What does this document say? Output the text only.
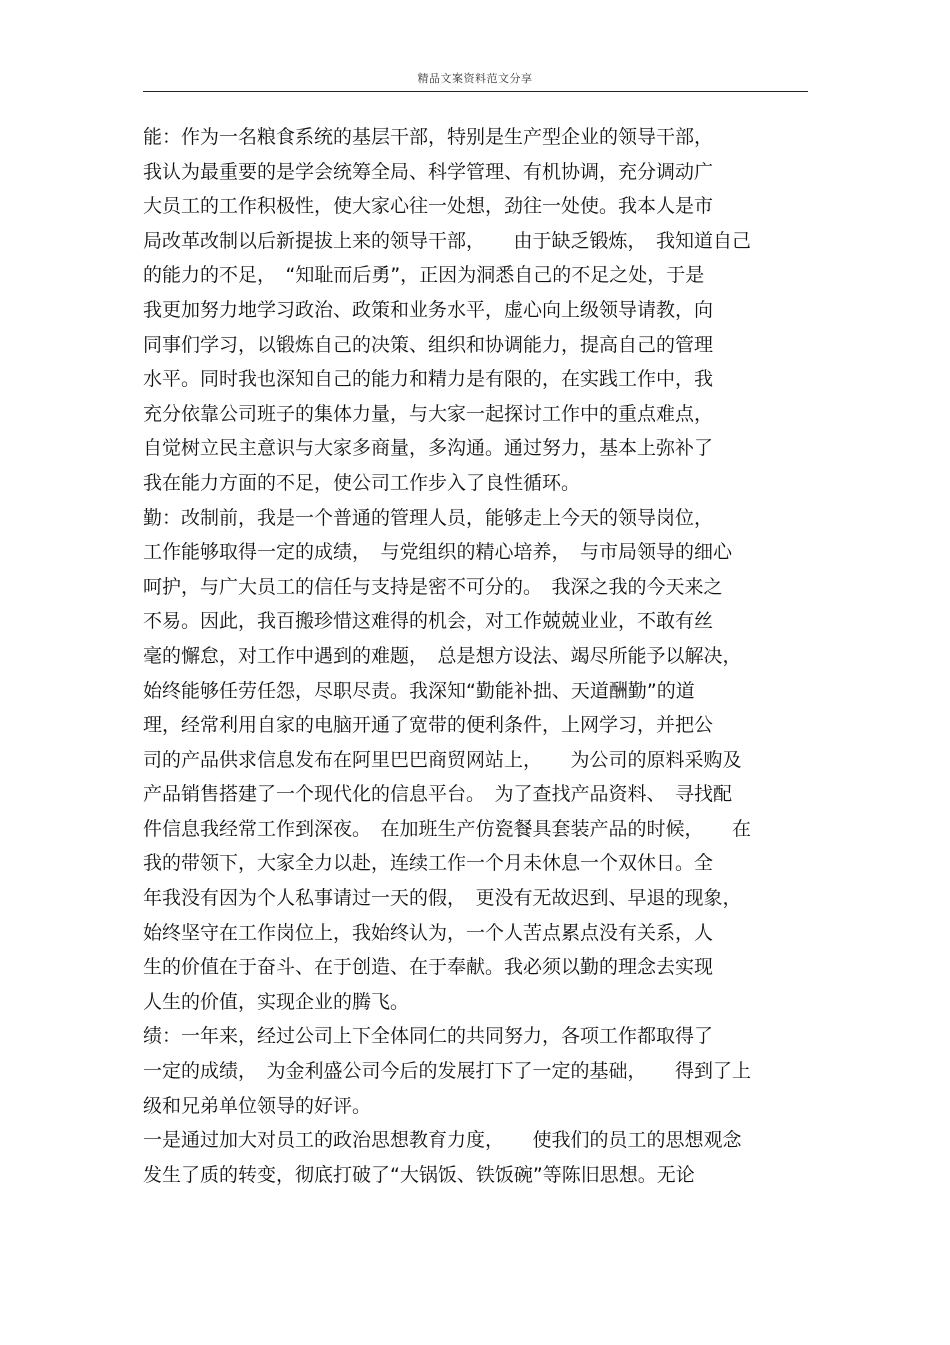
精品文案资料范文分享
能：作为一名粮食系统的基层干部，特别是生产型企业的领导干部，
我认为最重要的是学会统筹全局、科学管理、有机协调，充分调动广
大员工的工作积极性，使大家心往一处想，劲往一处使。我本人是市
局改革改制以后新提拔上来的领导干部，　　由于缺乏锻炼，　我知道自己
的能力的不足，　“知耻而后勇”，正因为洞悉自己的不足之处，于是
我更加努力地学习政治、政策和业务水平，虚心向上级领导请教，向
同事们学习，以锻炼自己的决策、组织和协调能力，提高自己的管理
水平。同时我也深知自己的能力和精力是有限的，在实践工作中，我
充分依靠公司班子的集体力量，与大家一起探讨工作中的重点难点，
自觉树立民主意识与大家多商量，多沟通。通过努力，基本上弥补了
我在能力方面的不足，使公司工作步入了良性循环。
勤：改制前，我是一个普通的管理人员，能够走上今天的领导岗位，
工作能够取得一定的成绩，　与党组织的精心培养，　与市局领导的细心
呵护，与广大员工的信任与支持是密不可分的。　我深之我的今天来之
不易。因此，我百搬珍惜这难得的机会，对工作兢兢业业，不敢有丝
毫的懈怠，对工作中遇到的难题，　总是想方设法、竭尽所能予以解决，
始终能够任劳任怨，尽职尽责。我深知“勤能补拙、天道酬勤”的道
理，经常利用自家的电脑开通了宽带的便利条件，上网学习，并把公
司的产品供求信息发布在阿里巴巴商贸网站上，　　为公司的原料采购及
产品销售搭建了一个现代化的信息平台。　为了查找产品资料、　寻找配
件信息我经常工作到深夜。　在加班生产仿瓷餐具套装产品的时候，　　在
我的带领下，大家全力以赴，连续工作一个月未休息一个双休日。全
年我没有因为个人私事请过一天的假，　更没有无故迟到、早退的现象，
始终坚守在工作岗位上，我始终认为，一个人苦点累点没有关系，人
生的价值在于奋斗、在于创造、在于奉献。我必须以勤的理念去实现
人生的价值，实现企业的腾飞。
绩：一年来，经过公司上下全体同仁的共同努力，各项工作都取得了
一定的成绩，　为金利盛公司今后的发展打下了一定的基础，　　得到了上
级和兄弟单位领导的好评。
一是通过加大对员工的政治思想教育力度，　　使我们的员工的思想观念
发生了质的转变，彻底打破了“大锅饭、铁饭碗”等陈旧思想。无论
